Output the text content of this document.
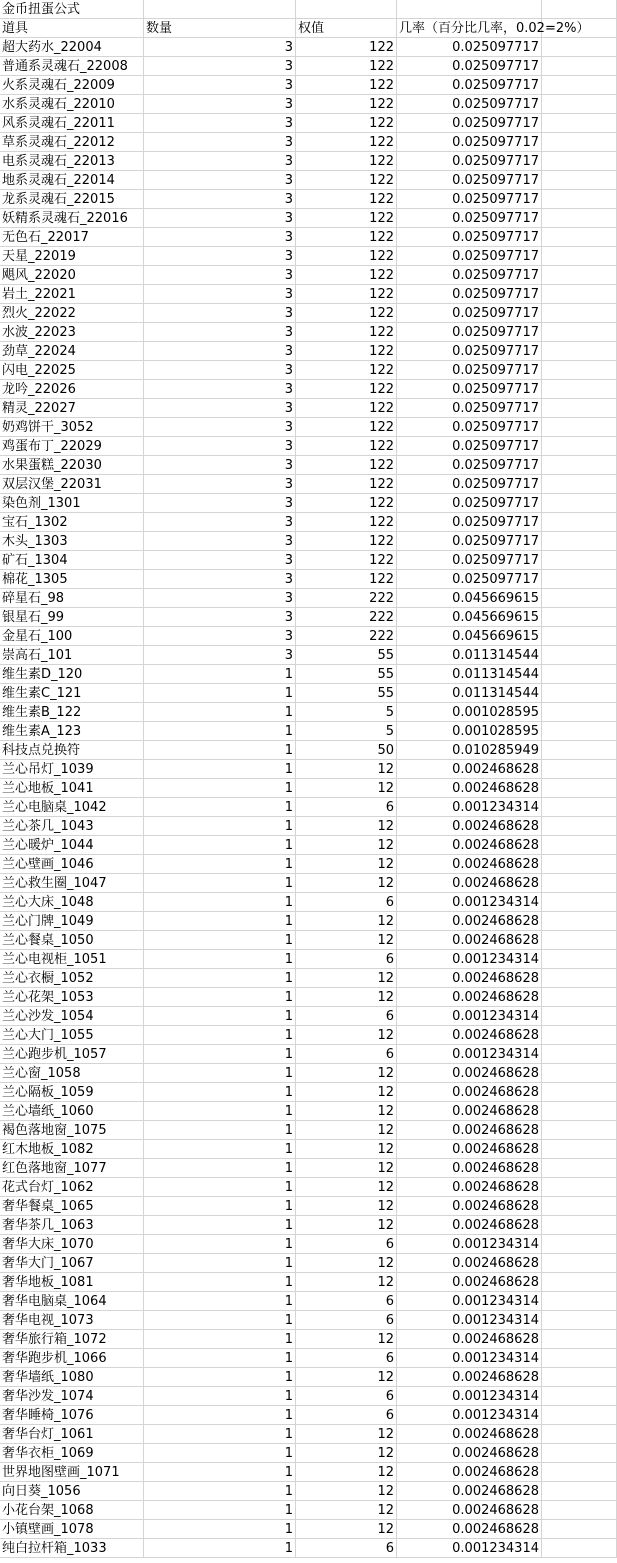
金币扭蛋公式
道具	数量	权值	几率（百分比几率，0.02=2%）
超大药水_22004	3	122	0.025097717
普通系灵魂石_22008	3	122	0.025097717
火系灵魂石_22009	3	122	0.025097717
水系灵魂石_22010	3	122	0.025097717
风系灵魂石_22011	3	122	0.025097717
草系灵魂石_22012	3	122	0.025097717
电系灵魂石_22013	3	122	0.025097717
地系灵魂石_22014	3	122	0.025097717
龙系灵魂石_22015	3	122	0.025097717
妖精系灵魂石_22016	3	122	0.025097717
无色石_22017	3	122	0.025097717
天星_22019	3	122	0.025097717
飓风_22020	3	122	0.025097717
岩土_22021	3	122	0.025097717
烈火_22022	3	122	0.025097717
水波_22023	3	122	0.025097717
劲草_22024	3	122	0.025097717
闪电_22025	3	122	0.025097717
龙吟_22026	3	122	0.025097717
精灵_22027	3	122	0.025097717
奶鸡饼干_3052	3	122	0.025097717
鸡蛋布丁_22029	3	122	0.025097717
水果蛋糕_22030	3	122	0.025097717
双层汉堡_22031	3	122	0.025097717
染色剂_1301	3	122	0.025097717
宝石_1302	3	122	0.025097717
木头_1303	3	122	0.025097717
矿石_1304	3	122	0.025097717
棉花_1305	3	122	0.025097717
碎星石_98	3	222	0.045669615
银星石_99	3	222	0.045669615
金星石_100	3	222	0.045669615
崇高石_101	3	55	0.011314544
维生素D_120	1	55	0.011314544
维生素C_121	1	55	0.011314544
维生素B_122	1	5	0.001028595
维生素A_123	1	5	0.001028595
科技点兑换符	1	50	0.010285949
兰心吊灯_1039	1	12	0.002468628
兰心地板_1041	1	12	0.002468628
兰心电脑桌_1042	1	6	0.001234314
兰心茶几_1043	1	12	0.002468628
兰心暖炉_1044	1	12	0.002468628
兰心壁画_1046	1	12	0.002468628
兰心救生圈_1047	1	12	0.002468628
兰心大床_1048	1	6	0.001234314
兰心门牌_1049	1	12	0.002468628
兰心餐桌_1050	1	12	0.002468628
兰心电视柜_1051	1	6	0.001234314
兰心衣橱_1052	1	12	0.002468628
兰心花架_1053	1	12	0.002468628
兰心沙发_1054	1	6	0.001234314
兰心大门_1055	1	12	0.002468628
兰心跑步机_1057	1	6	0.001234314
兰心窗_1058	1	12	0.002468628
兰心隔板_1059	1	12	0.002468628
兰心墙纸_1060	1	12	0.002468628
褐色落地窗_1075	1	12	0.002468628
红木地板_1082	1	12	0.002468628
红色落地窗_1077	1	12	0.002468628
花式台灯_1062	1	12	0.002468628
奢华餐桌_1065	1	12	0.002468628
奢华茶几_1063	1	12	0.002468628
奢华大床_1070	1	6	0.001234314
奢华大门_1067	1	12	0.002468628
奢华地板_1081	1	12	0.002468628
奢华电脑桌_1064	1	6	0.001234314
奢华电视_1073	1	6	0.001234314
奢华旅行箱_1072	1	12	0.002468628
奢华跑步机_1066	1	6	0.001234314
奢华墙纸_1080	1	12	0.002468628
奢华沙发_1074	1	6	0.001234314
奢华睡椅_1076	1	6	0.001234314
奢华台灯_1061	1	12	0.002468628
奢华衣柜_1069	1	12	0.002468628
世界地图壁画_1071	1	12	0.002468628
向日葵_1056	1	12	0.002468628
小花台架_1068	1	12	0.002468628
小镇壁画_1078	1	12	0.002468628
纯白拉杆箱_1033	1	6	0.001234314
